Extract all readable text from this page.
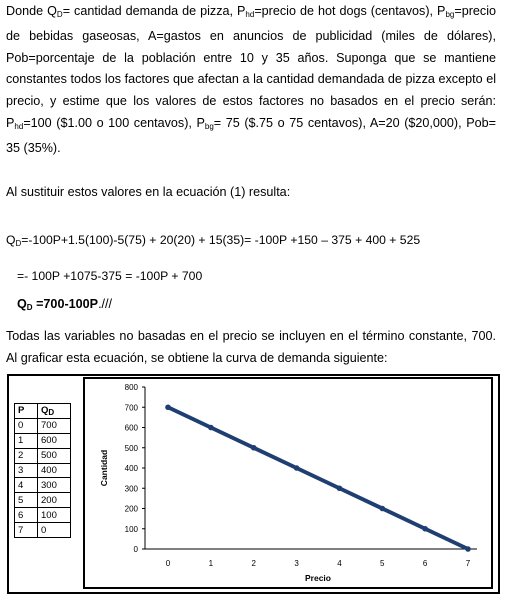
Donde $Q_D=$ cantidad demanda de pizza, $P_{hd}=precio$ de hot dogs (centavos), $P_{bg}=precio$ de bebidas gaseosas, A=gastos en anuncios de publicidad (miles de dólares), Pob=porcentaje de la población entre 10 y 35 años. Suponga que se mantiene constantes todos los factores que afectan a la cantidad demandada de pizza excepto el precio, y estime que los valores de estos factores no basados en el precio serán: $P_{hd}=100$ ($1.00 o 100 centavos), $P_{bg}= 75$ ($.75 o 75 centavos), A=20 ($20,000), Pob= 35 (35%).
Al sustituir estos valores en la ecuación (1) resulta:
$Q_D=-100P+1.5(100)-5(75) + 20(20) + 15(35)= -100P +150 - 375 + 400 + 525$
=- 100P +1075-375 = -100P + 700
$Q_D =700-100P.///$
Todas las variables no basadas en el precio se incluyen en el término constante, 700. Al graficar esta ecuación, se obtiene la curva de demanda siguiente:
P	$Q_D$
0	700
1	600
2	500
3	400
4	300
5	200
6	100
7	0
0
100
200
300
400
500
600
700
800
0	1	2	3	4	5	6	7
Precio
Cantidad
